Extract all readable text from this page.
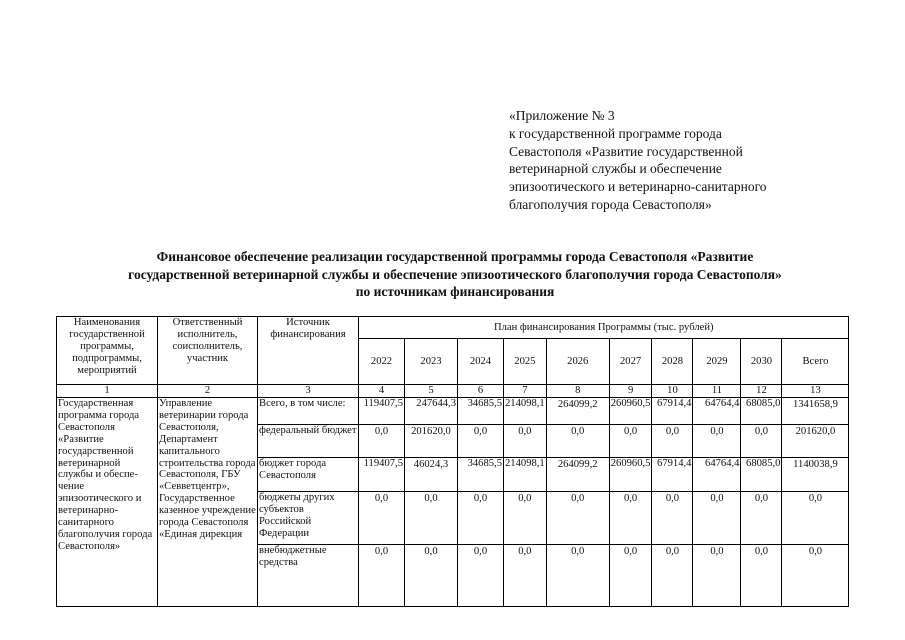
«Приложение № 3
к государственной программе города
Севастополя «Развитие государственной
ветеринарной службы и обеспечение
эпизоотического и ветеринарно-санитарного
благополучия города Севастополя»
Финансовое обеспечение реализации государственной программы города Севастополя «Развитие
государственной ветеринарной службы и обеспечение эпизоотического благополучия города Севастополя»
по источникам финансирования
Наименования государственной программы, подпрограммы, мероприятий	Ответственный исполнитель, соисполнитель, участник	Источник финансирования	План финансирования Программы (тыс. рублей)									
			2022	2023	2024	2025	2026	2027	2028	2029	2030	Всего
1	2	3	4	5	6	7	8	9	10	11	12	13
Государственная программа города Севастополя «Развитие государственной ветеринарной службы и обеспе- чение эпизоотического и ветеринарно- санитарного благополучия города Севастополя»	Управление ветеринарии города Севастополя, Департамент капитального строительства города Севастополя, ГБУ «Севветцентр», Государственное казенное учреждение города Севастополя «Единая дирекция	Всего, в том числе:	119407,5	247644,3	34685,5	214098,1	264099,2	260960,5	67914,4	64764,4	68085,0	1341658,9
		федеральный бюджет	0,0	201620,0	0,0	0,0	0,0	0,0	0,0	0,0	0,0	201620,0
		бюджет города Севастополя	119407,5	46024,3	34685,5	214098,1	264099,2	260960,5	67914,4	64764,4	68085,0	1140038,9
		бюджеты других субъектов Российской Федерации	0,0	0,0	0,0	0,0	0,0	0,0	0,0	0,0	0,0	0,0
		внебюджетные средства	0,0	0,0	0,0	0,0	0,0	0,0	0,0	0,0	0,0	0,0
